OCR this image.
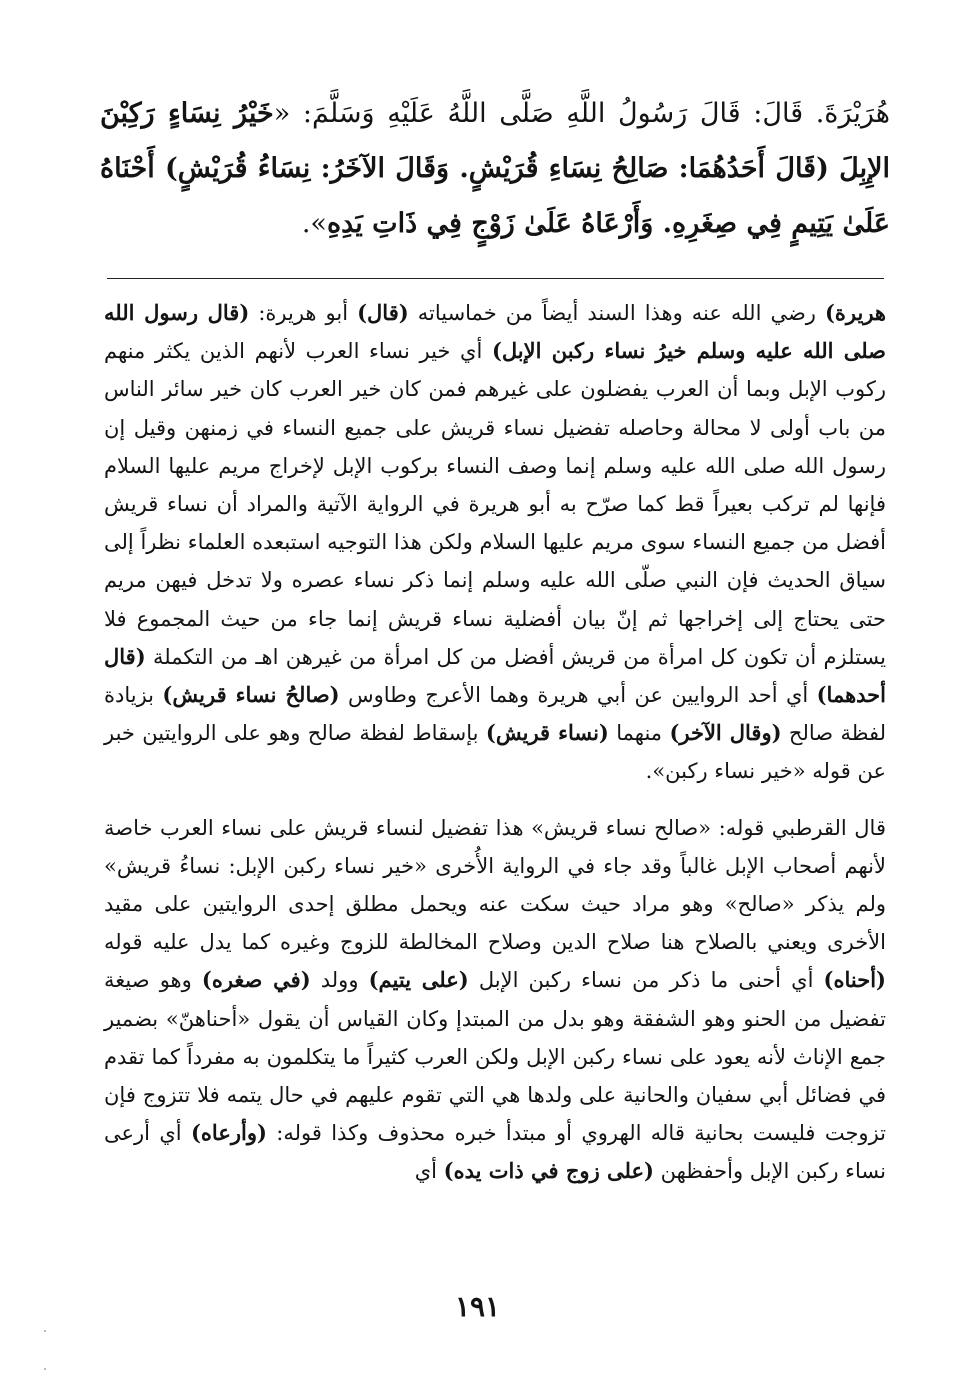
هُرَيْرَةَ. قَالَ: قَالَ رَسُولُ اللَّهِ صَلَّى اللَّهُ عَلَيْهِ وَسَلَّمَ: «خَيْرُ نِسَاءٍ رَكِبْنَ الإِبِلَ (قَالَ أَحَدُهُمَا: صَالِحُ نِسَاءِ قُرَيْشٍ. وَقَالَ الآخَرُ: نِسَاءُ قُرَيْشٍ) أَحْنَاهُ عَلَىٰ يَتِيمٍ فِي صِغَرِهِ. وَأَرْعَاهُ عَلَىٰ زَوْجٍ فِي ذَاتِ يَدِهِ».

هريرة) رضي الله عنه وهذا السند أيضاً من خماسياته (قال) أبو هريرة: (قال رسول الله صلى الله عليه وسلم خيرُ نساء ركبن الإبل) أي خير نساء العرب لأنهم الذين يكثر منهم ركوب الإبل وبما أن العرب يفضلون على غيرهم فمن كان خير العرب كان خير سائر الناس من باب أولى لا محالة وحاصله تفضيل نساء قريش على جميع النساء في زمنهن وقيل إن رسول الله صلى الله عليه وسلم إنما وصف النساء بركوب الإبل لإخراج مريم عليها السلام فإنها لم تركب بعيراً قط كما صرّح به أبو هريرة في الرواية الآتية والمراد أن نساء قريش أفضل من جميع النساء سوى مريم عليها السلام ولكن هذا التوجيه استبعده العلماء نظراً إلى سياق الحديث فإن النبي صلّى الله عليه وسلم إنما ذكر نساء عصره ولا تدخل فيهن مريم حتى يحتاج إلى إخراجها ثم إنّ بيان أفضلية نساء قريش إنما جاء من حيث المجموع فلا يستلزم أن تكون كل امرأة من قريش أفضل من كل امرأة من غيرهن اهـ من التكملة (قال أحدهما) أي أحد الروايين عن أبي هريرة وهما الأعرج وطاوس (صالحُ نساء قريش) بزيادة لفظة صالح (وقال الآخر) منهما (نساء قريش) بإسقاط لفظة صالح وهو على الروايتين خبر عن قوله «خير نساء ركبن».

قال القرطبي قوله: «صالح نساء قريش» هذا تفضيل لنساء قريش على نساء العرب خاصة لأنهم أصحاب الإبل غالباً وقد جاء في الرواية الأُخرى «خير نساء ركبن الإبل: نساءُ قريش» ولم يذكر «صالح» وهو مراد حيث سكت عنه ويحمل مطلق إحدى الروايتين على مقيد الأخرى ويعني بالصلاح هنا صلاح الدين وصلاح المخالطة للزوج وغيره كما يدل عليه قوله (أحناه) أي أحنى ما ذكر من نساء ركبن الإبل (على يتيم) وولد (في صغره) وهو صيغة تفضيل من الحنو وهو الشفقة وهو بدل من المبتدإ وكان القياس أن يقول «أحناهنّ» بضمير جمع الإناث لأنه يعود على نساء ركبن الإبل ولكن العرب كثيراً ما يتكلمون به مفرداً كما تقدم في فضائل أبي سفيان والحانية على ولدها هي التي تقوم عليهم في حال يتمه فلا تتزوج فإن تزوجت فليست بحانية قاله الهروي أو مبتدأ خبره محذوف وكذا قوله: (وأرعاه) أي أرعى نساء ركبن الإبل وأحفظهن (على زوج في ذات يده) أي

١٩١
